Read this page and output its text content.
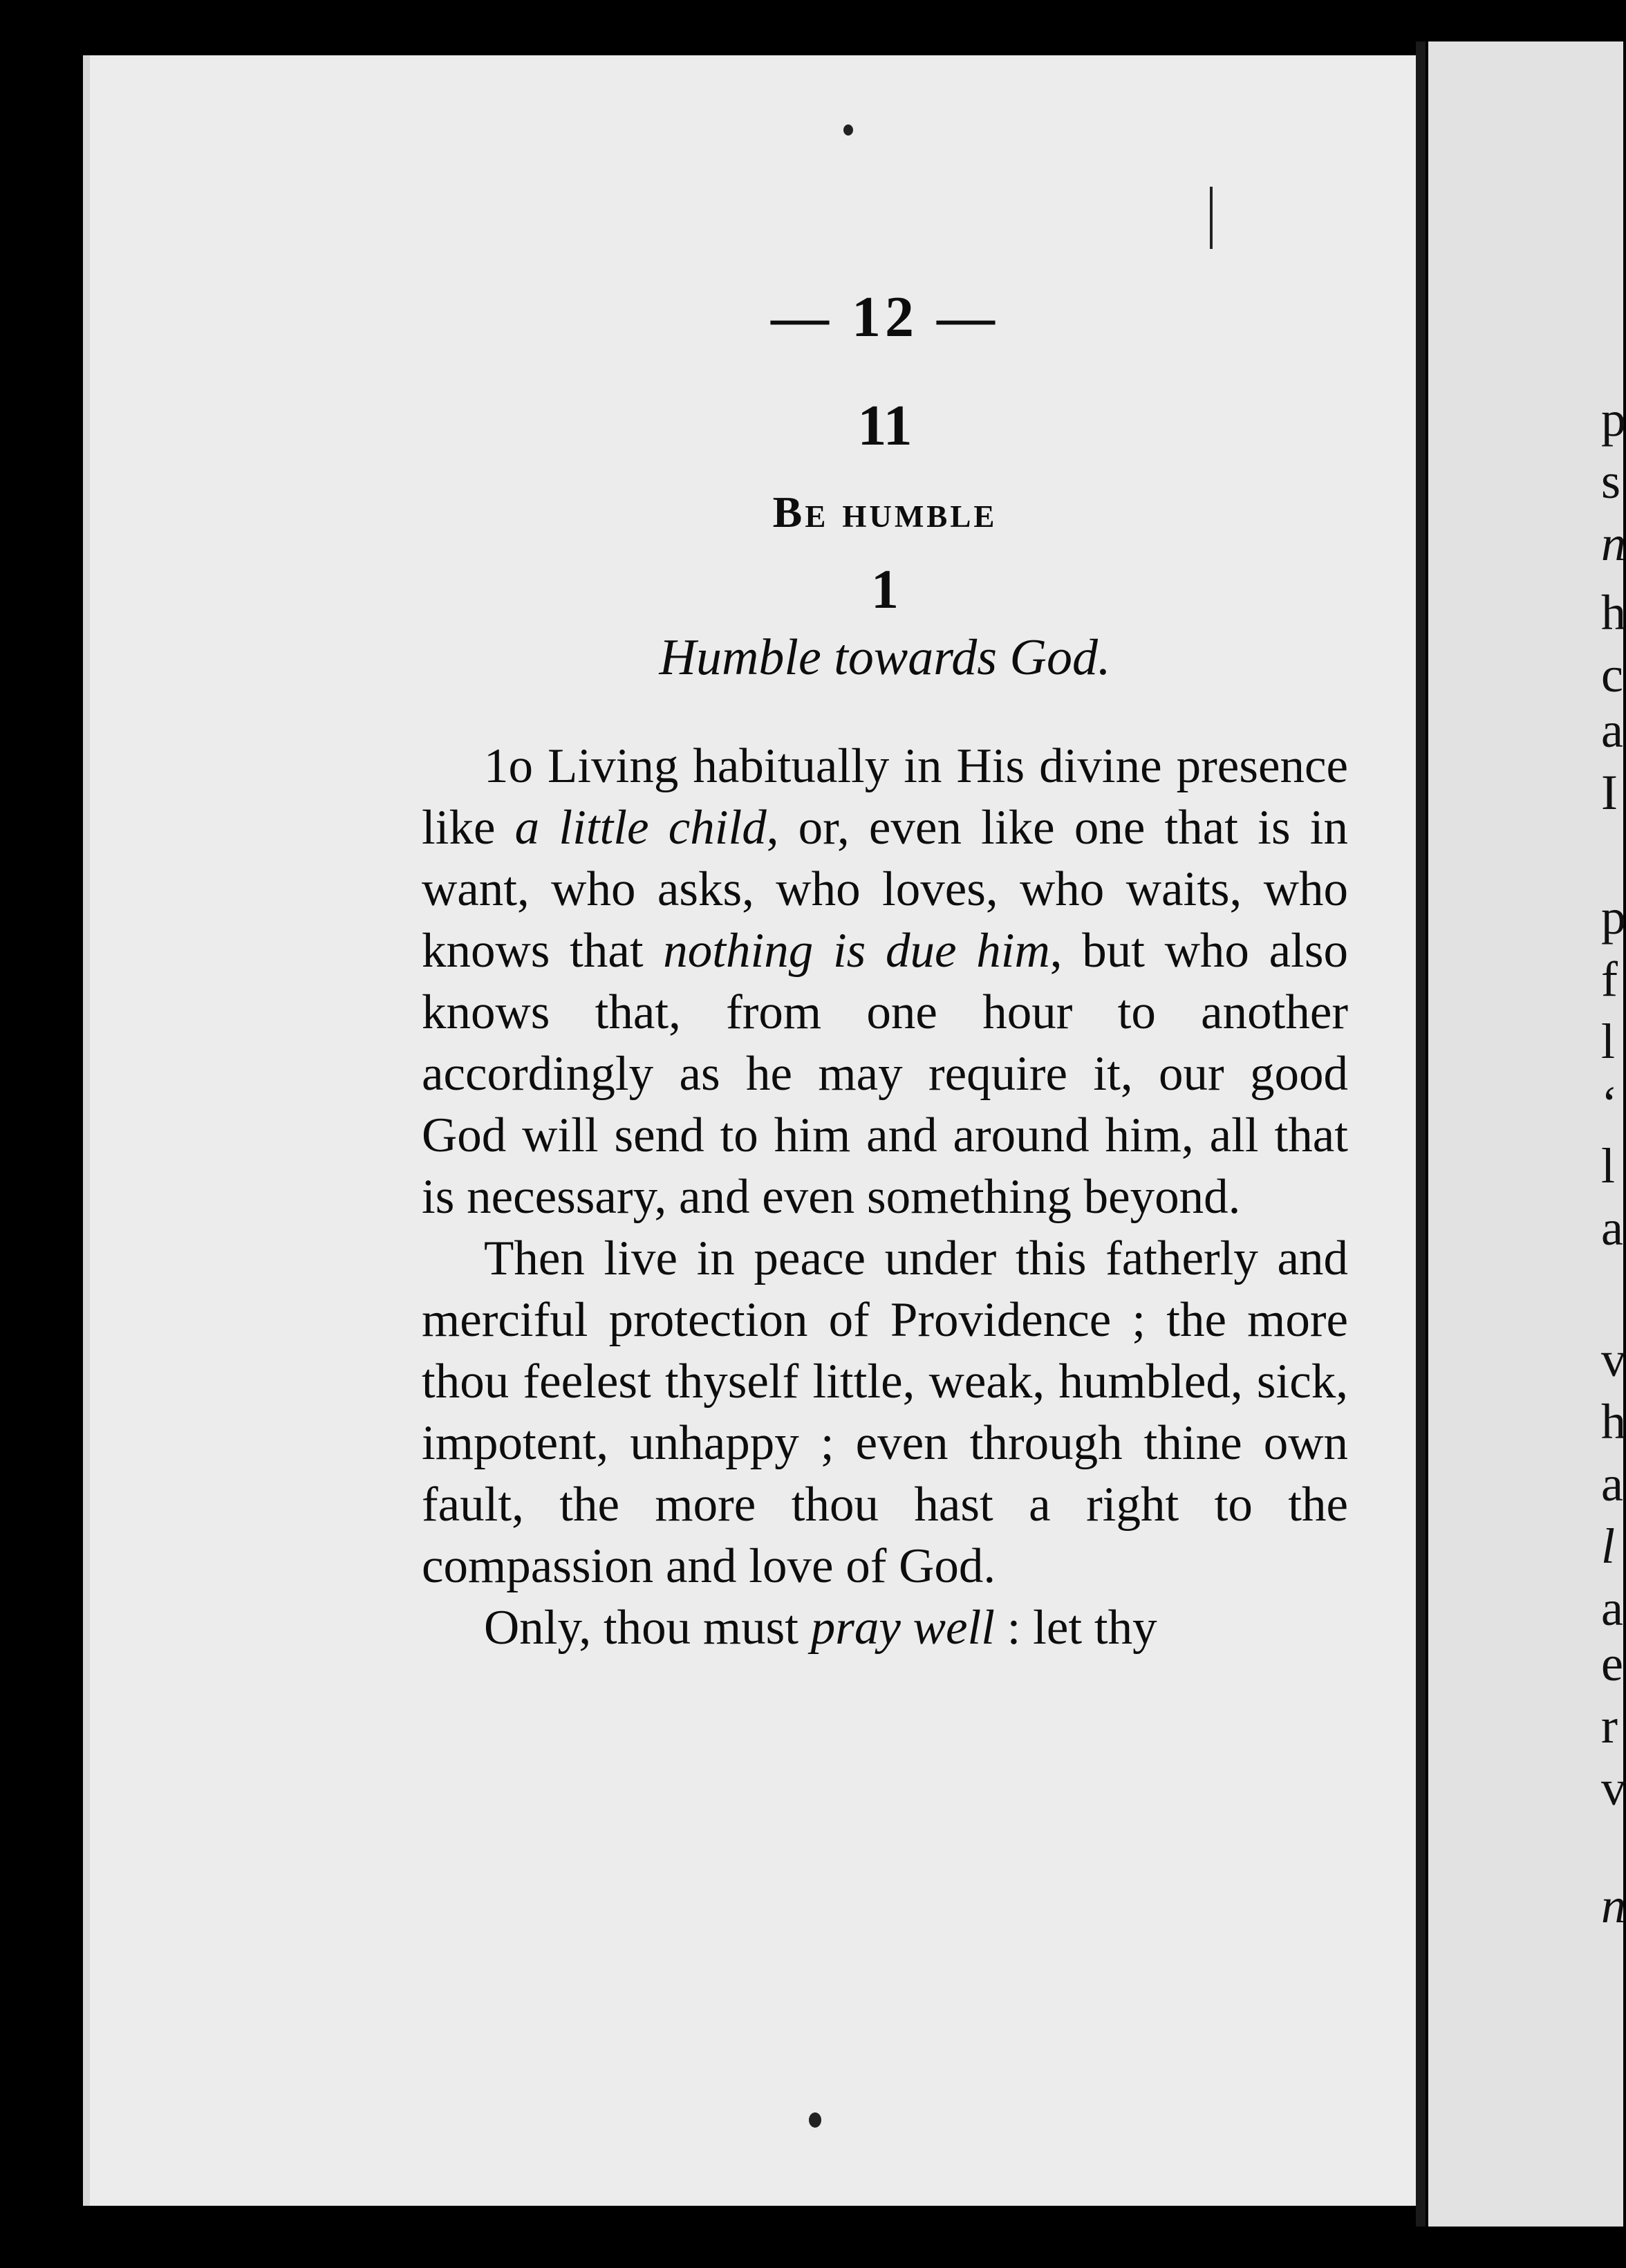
— 12 —
11
Be humble
1
Humble towards God.

1o Living habitually in His divine presence like a little child, or, even like one that is in want, who asks, who loves, who waits, who knows that nothing is due him, but who also knows that, from one hour to another accordingly as he may require it, our good God will send to him and around him, all that is necessary, and even something beyond.

Then live in peace under this fatherly and merciful protection of Providence ; the more thou feelest thyself little, weak, humbled, sick, impotent, unhappy ; even through thine own fault, the more thou hast a right to the compassion and love of God.

Only, thou must pray well : let thy

p
s
n
h
c
a
I
p
f
l
‘
l
a
v
h
a
l
a
e
r
v
n
